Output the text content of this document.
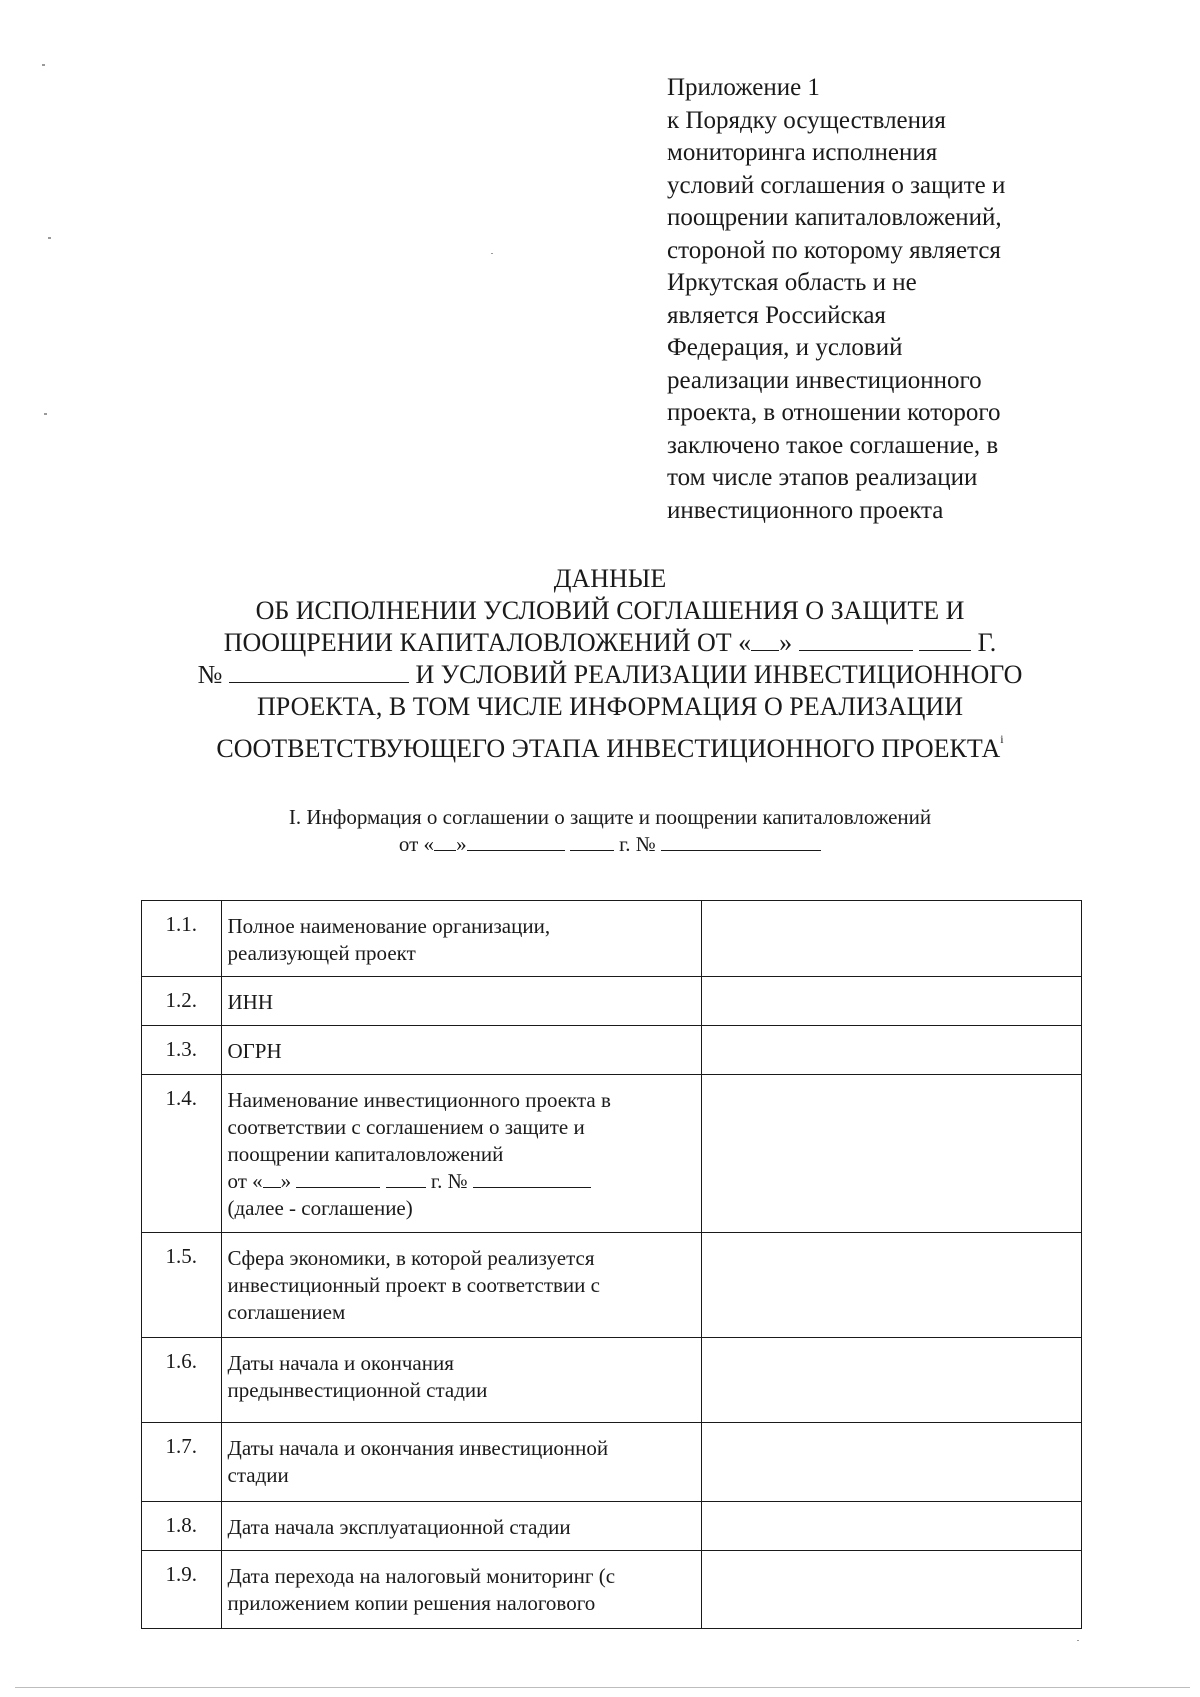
Приложение 1
к Порядку осуществления
мониторинга исполнения
условий соглашения о защите и
поощрении капиталовложений,
стороной по которому является
Иркутская область и не
является Российская
Федерация, и условий
реализации инвестиционного
проекта, в отношении которого
заключено такое соглашение, в
том числе этапов реализации
инвестиционного проекта
ДАННЫЕ
ОБ ИСПОЛНЕНИИ УСЛОВИЙ СОГЛАШЕНИЯ О ЗАЩИТЕ И
ПООЩРЕНИИ КАПИТАЛОВЛОЖЕНИЙ ОТ « »	Г.
№	И УСЛОВИЙ РЕАЛИЗАЦИИ ИНВЕСТИЦИОННОГО
ПРОЕКТА, В ТОМ ЧИСЛЕ ИНФОРМАЦИЯ О РЕАЛИЗАЦИИ
СООТВЕТСТВУЮЩЕГО ЭТАПА ИНВЕСТИЦИОННОГО ПРОЕКТА$^i$
I. Информация о соглашении о защите и поощрении капиталовложений
от « »	г. №
1.1.	Полное наименование организации,
реализующей проект	

1.2.	ИНН	

1.3.	ОГРН	

1.4.	Наименование инвестиционного проекта в
соответствии с соглашением о защите и
поощрении капиталовложений
от « » г. №
(далее - соглашение)	

1.5.	Сфера экономики, в которой реализуется
инвестиционный проект в соответствии с
соглашением	

1.6.	Даты начала и окончания
предынвестиционной стадии	

1.7.	Даты начала и окончания инвестиционной
стадии	

1.8.	Дата начала эксплуатационной стадии	

1.9.	Дата перехода на налоговый мониторинг (с
приложением копии решения налогового	
